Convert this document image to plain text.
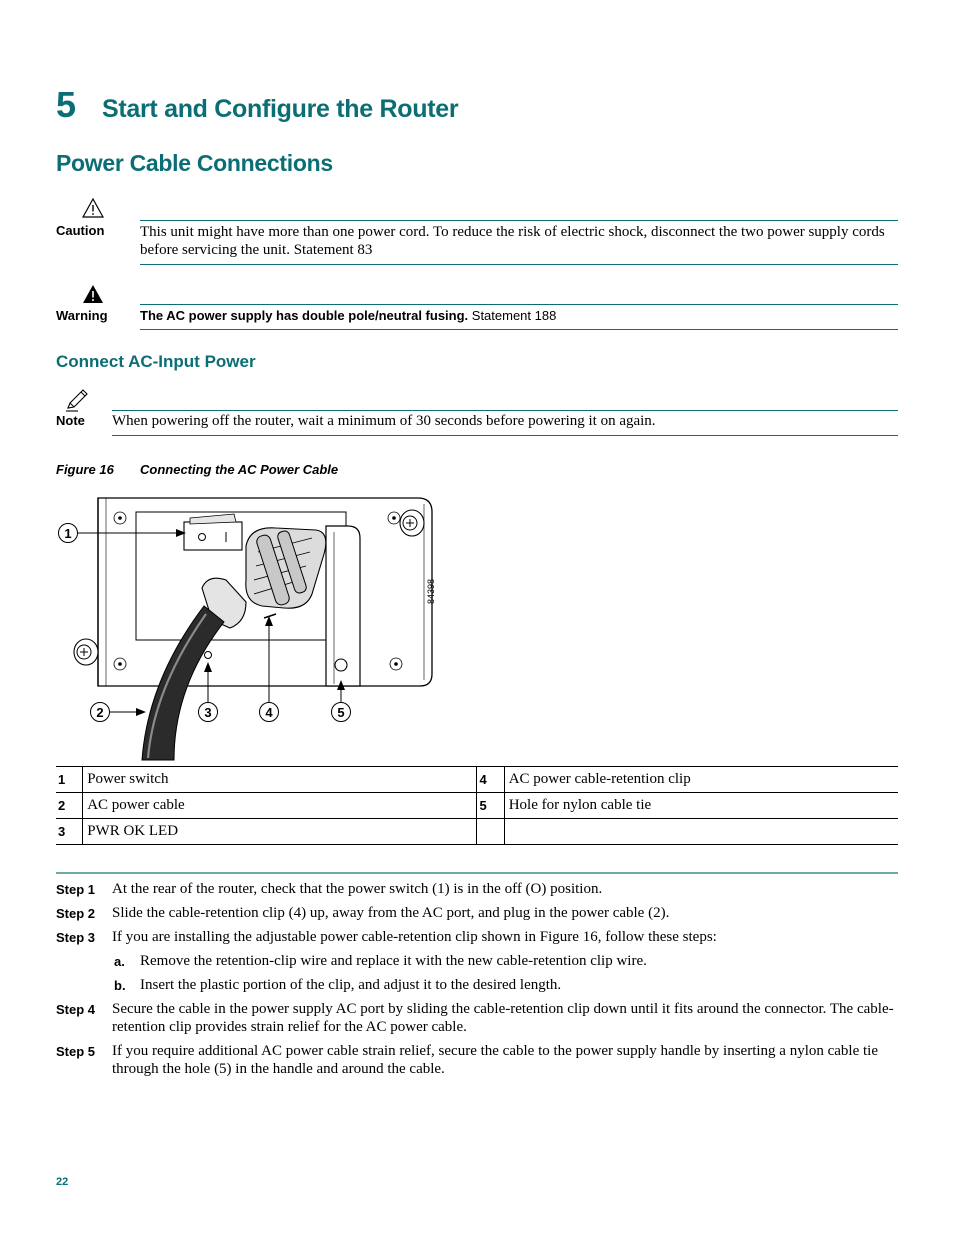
5 Start and Configure the Router
Power Cable Connections
Caution This unit might have more than one power cord. To reduce the risk of electric shock, disconnect the two power supply cords before servicing the unit. Statement 83
Warning The AC power supply has double pole/neutral fusing. Statement 188
Connect AC-Input Power
Note When powering off the router, wait a minimum of 30 seconds before powering it on again.
Figure 16 Connecting the AC Power Cable
84398
1
2	3	4	5
1	Power switch	4	AC power cable-retention clip
2	AC power cable	5	Hole for nylon cable tie
3	PWR OK LED		
Step 1 At the rear of the router, check that the power switch (1) is in the off (O) position.
Step 2 Slide the cable-retention clip (4) up, away from the AC port, and plug in the power cable (2).
Step 3 If you are installing the adjustable power cable-retention clip shown in Figure 16, follow these steps:
a. Remove the retention-clip wire and replace it with the new cable-retention clip wire.
b. Insert the plastic portion of the clip, and adjust it to the desired length.
Step 4 Secure the cable in the power supply AC port by sliding the cable-retention clip down until it fits around the connector. The cable-retention clip provides strain relief for the AC power cable.
Step 5 If you require additional AC power cable strain relief, secure the cable to the power supply handle by inserting a nylon cable tie through the hole (5) in the handle and around the cable.
22
